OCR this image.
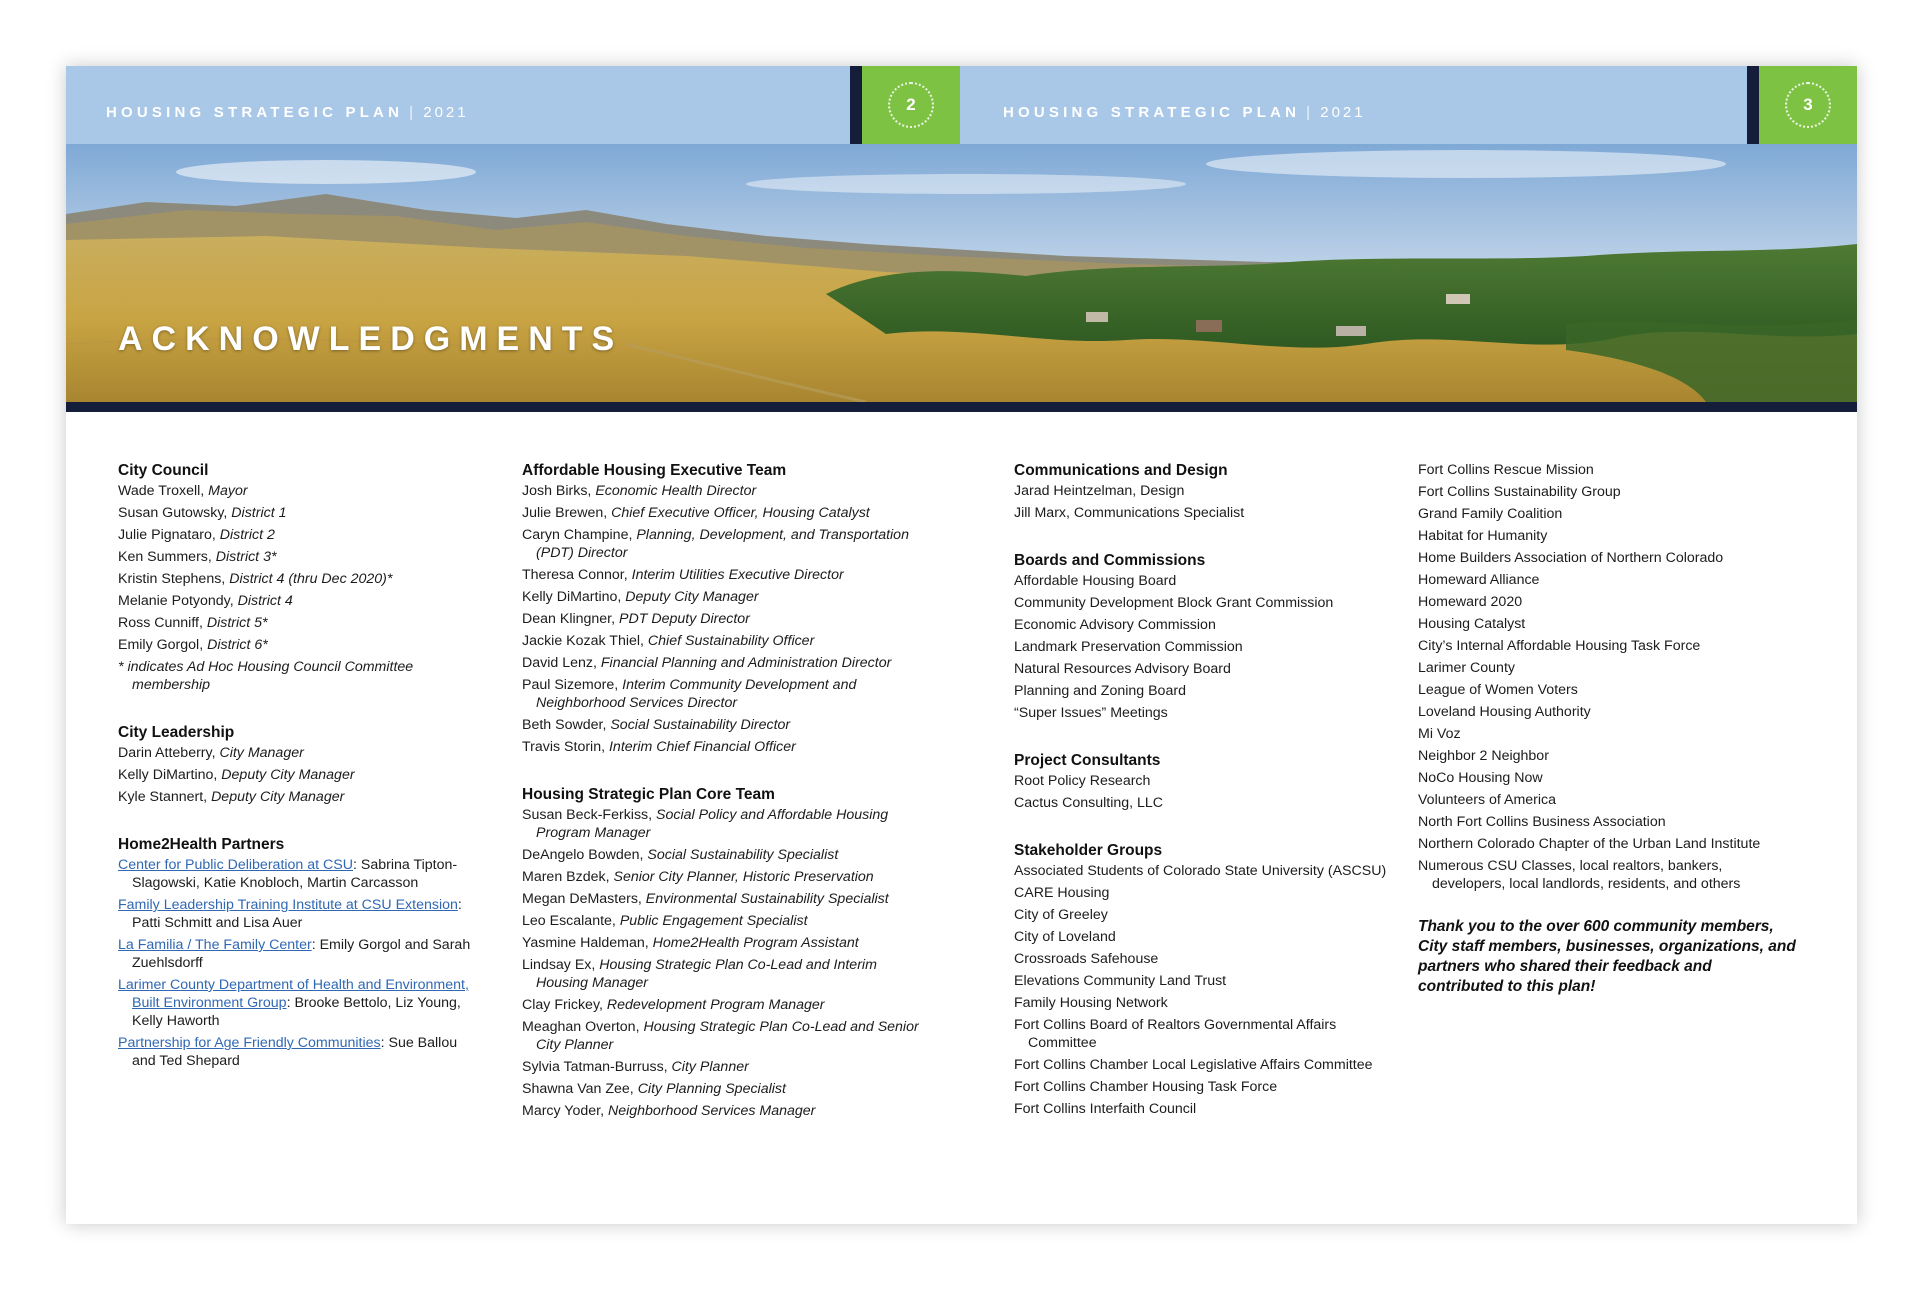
HOUSING STRATEGIC PLAN | 2021	2	HOUSING STRATEGIC PLAN | 2021	3
ACKNOWLEDGMENTS
City Council
Wade Troxell, Mayor
Susan Gutowsky, District 1
Julie Pignataro, District 2
Ken Summers, District 3*
Kristin Stephens, District 4 (thru Dec 2020)*
Melanie Potyondy, District 4
Ross Cunniff, District 5*
Emily Gorgol, District 6*
* indicates Ad Hoc Housing Council Committee membership
City Leadership
Darin Atteberry, City Manager
Kelly DiMartino, Deputy City Manager
Kyle Stannert, Deputy City Manager
Home2Health Partners
Center for Public Deliberation at CSU: Sabrina Tipton-Slagowski, Katie Knobloch, Martin Carcasson
Family Leadership Training Institute at CSU Extension: Patti Schmitt and Lisa Auer
La Familia / The Family Center: Emily Gorgol and Sarah Zuehlsdorff
Larimer County Department of Health and Environment, Built Environment Group: Brooke Bettolo, Liz Young, Kelly Haworth
Partnership for Age Friendly Communities: Sue Ballou and Ted Shepard
Affordable Housing Executive Team
Josh Birks, Economic Health Director
Julie Brewen, Chief Executive Officer, Housing Catalyst
Caryn Champine, Planning, Development, and Transportation (PDT) Director
Theresa Connor, Interim Utilities Executive Director
Kelly DiMartino, Deputy City Manager
Dean Klingner, PDT Deputy Director
Jackie Kozak Thiel, Chief Sustainability Officer
David Lenz, Financial Planning and Administration Director
Paul Sizemore, Interim Community Development and Neighborhood Services Director
Beth Sowder, Social Sustainability Director
Travis Storin, Interim Chief Financial Officer
Housing Strategic Plan Core Team
Susan Beck-Ferkiss, Social Policy and Affordable Housing Program Manager
DeAngelo Bowden, Social Sustainability Specialist
Maren Bzdek, Senior City Planner, Historic Preservation
Megan DeMasters, Environmental Sustainability Specialist
Leo Escalante, Public Engagement Specialist
Yasmine Haldeman, Home2Health Program Assistant
Lindsay Ex, Housing Strategic Plan Co-Lead and Interim Housing Manager
Clay Frickey, Redevelopment Program Manager
Meaghan Overton, Housing Strategic Plan Co-Lead and Senior City Planner
Sylvia Tatman-Burruss, City Planner
Shawna Van Zee, City Planning Specialist
Marcy Yoder, Neighborhood Services Manager
Communications and Design
Jarad Heintzelman, Design
Jill Marx, Communications Specialist
Boards and Commissions
Affordable Housing Board
Community Development Block Grant Commission
Economic Advisory Commission
Landmark Preservation Commission
Natural Resources Advisory Board
Planning and Zoning Board
“Super Issues” Meetings
Project Consultants
Root Policy Research
Cactus Consulting, LLC
Stakeholder Groups
Associated Students of Colorado State University (ASCSU)
CARE Housing
City of Greeley
City of Loveland
Crossroads Safehouse
Elevations Community Land Trust
Family Housing Network
Fort Collins Board of Realtors Governmental Affairs Committee
Fort Collins Chamber Local Legislative Affairs Committee
Fort Collins Chamber Housing Task Force
Fort Collins Interfaith Council
Fort Collins Rescue Mission
Fort Collins Sustainability Group
Grand Family Coalition
Habitat for Humanity
Home Builders Association of Northern Colorado
Homeward Alliance
Homeward 2020
Housing Catalyst
City’s Internal Affordable Housing Task Force
Larimer County
League of Women Voters
Loveland Housing Authority
Mi Voz
Neighbor 2 Neighbor
NoCo Housing Now
Volunteers of America
North Fort Collins Business Association
Northern Colorado Chapter of the Urban Land Institute
Numerous CSU Classes, local realtors, bankers, developers, local landlords, residents, and others
Thank you to the over 600 community members, City staff members, businesses, organizations, and partners who shared their feedback and contributed to this plan!
